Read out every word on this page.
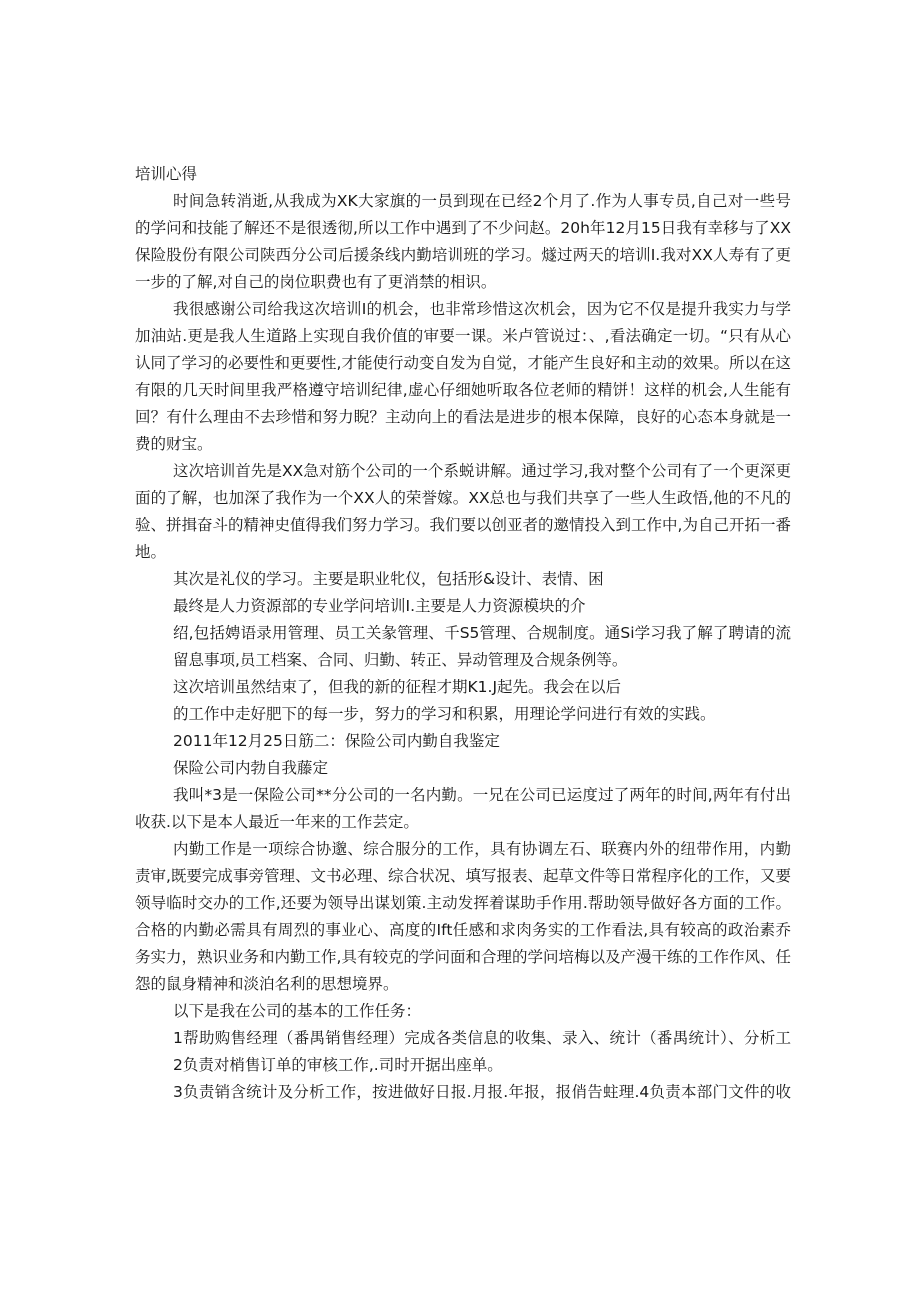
培训心得
时间急转消逝,从我成为XK大家旗的一员到现在已经2个月了.作为人事专员,自己对一些号
的学问和技能了解还不是很透彻,所以工作中遇到了不少问赵。20h年12月15日我有幸移与了XX
保险股份有限公司陕西分公司后援条线内勤培训班的学习。燧过两天的培训I.我对XX人寿有了更
一步的了解,对自己的岗位职费也有了更消禁的相识。
我很感谢公司给我这次培训I的机会，也非常珍惜这次机会，因为它不仅是提升我实力与学
加油站.更是我人生道路上实现自我价值的审要一课。米卢管说过：、,看法确定一切。“只有从心
认同了学习的必要性和更要性,才能使行动变自发为自觉，才能产生良好和主动的效果。所以在这
有限的几天时间里我严格遵守培训纪律,虚心仔细她听取各位老师的精饼！这样的机会,人生能有
回？有什么理由不去珍惜和努力睨？主动向上的看法是进步的根本保障，良好的心态本身就是一
费的财宝。
这次培训首先是XX急对筋个公司的一个系蜕讲解。通过学习,我对整个公司有了一个更深更
面的了解，也加深了我作为一个XX人的荣誉嫁。XX总也与我们共享了一些人生政悟,他的不凡的
验、拼揖奋斗的精神史值得我们努力学习。我们要以创亚者的邀情投入到工作中,为自己开拓一番
地。
其次是礼仪的学习。主要是职业牝仪，包括形&设计、表情、困
最终是人力资源部的专业学问培训I.主要是人力资源模块的介
绍,包括娉语录用管理、员工关彖管理、千S5管理、合规制度。通Si学习我了解了聘请的流
留息事项,员工档案、合同、归勤、转正、异动管理及合规条例等。
这次培训虽然结束了，但我的新的征程才期K1.J起先。我会在以后
的工作中走好肥下的每一步，努力的学习和积累，用理论学问进行有效的实践。
2011年12月25日筋二：保险公司内勤自我鉴定
保险公司内勃自我藤定
我叫*3是一保险公司**分公司的一名内勤。一兄在公司已运度过了两年的时间,两年有付出
收获.以下是本人最近一年来的工作芸定。
内勤工作是一项综合协邈、综合服分的工作，具有协调左石、联赛内外的纽带作用，内勤
责审,既要完成事旁管理、文书必理、综合状况、填写报表、起草文件等日常程序化的工作，又要
领导临时交办的工作,还要为领导出谋划策.主动发挥着谋助手作用.帮助领导做好各方面的工作。
合格的内勤必需具有周烈的事业心、高度的Ift任感和求肉务实的工作看法,具有较高的政治素乔
务实力，熟识业务和内勤工作,具有较克的学问面和合理的学问培梅以及产漫干练的工作作风、任
怨的鼠身精神和淡泊名利的思想境界。
以下是我在公司的基本的工作任务：
1帮助购售经理（番禺销售经理）完成各类信息的收集、录入、统计（番禺统计）、分析工
2负责对梢售订单的审核工作,.司时开据出座单。
3负责销含统计及分析工作，按进做好日报.月报.年报，报俏告蛀理.4负责本部门文件的收
